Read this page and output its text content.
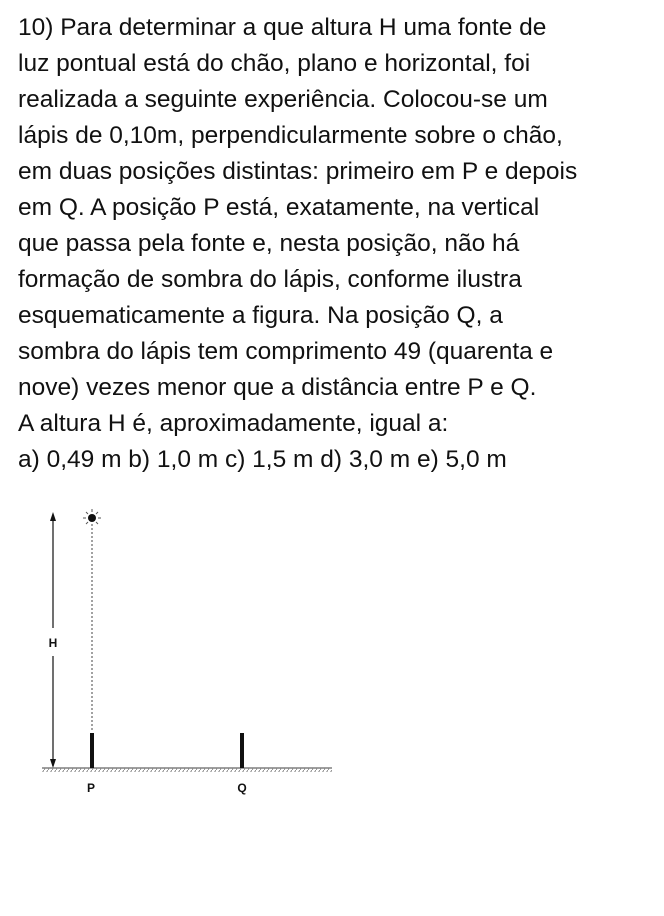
10) Para determinar a que altura H uma fonte de
luz pontual está do chão, plano e horizontal, foi
realizada a seguinte experiência. Colocou-se um
lápis de 0,10m, perpendicularmente sobre o chão,
em duas posições distintas: primeiro em P e depois
em Q. A posição P está, exatamente, na vertical
que passa pela fonte e, nesta posição, não há
formação de sombra do lápis, conforme ilustra
esquematicamente a figura. Na posição Q, a
sombra do lápis tem comprimento 49 (quarenta e
nove) vezes menor que a distância entre P e Q.
A altura H é, aproximadamente, igual a:
a) 0,49 m b) 1,0 m c) 1,5 m d) 3,0 m e) 5,0 m
H
P	Q
